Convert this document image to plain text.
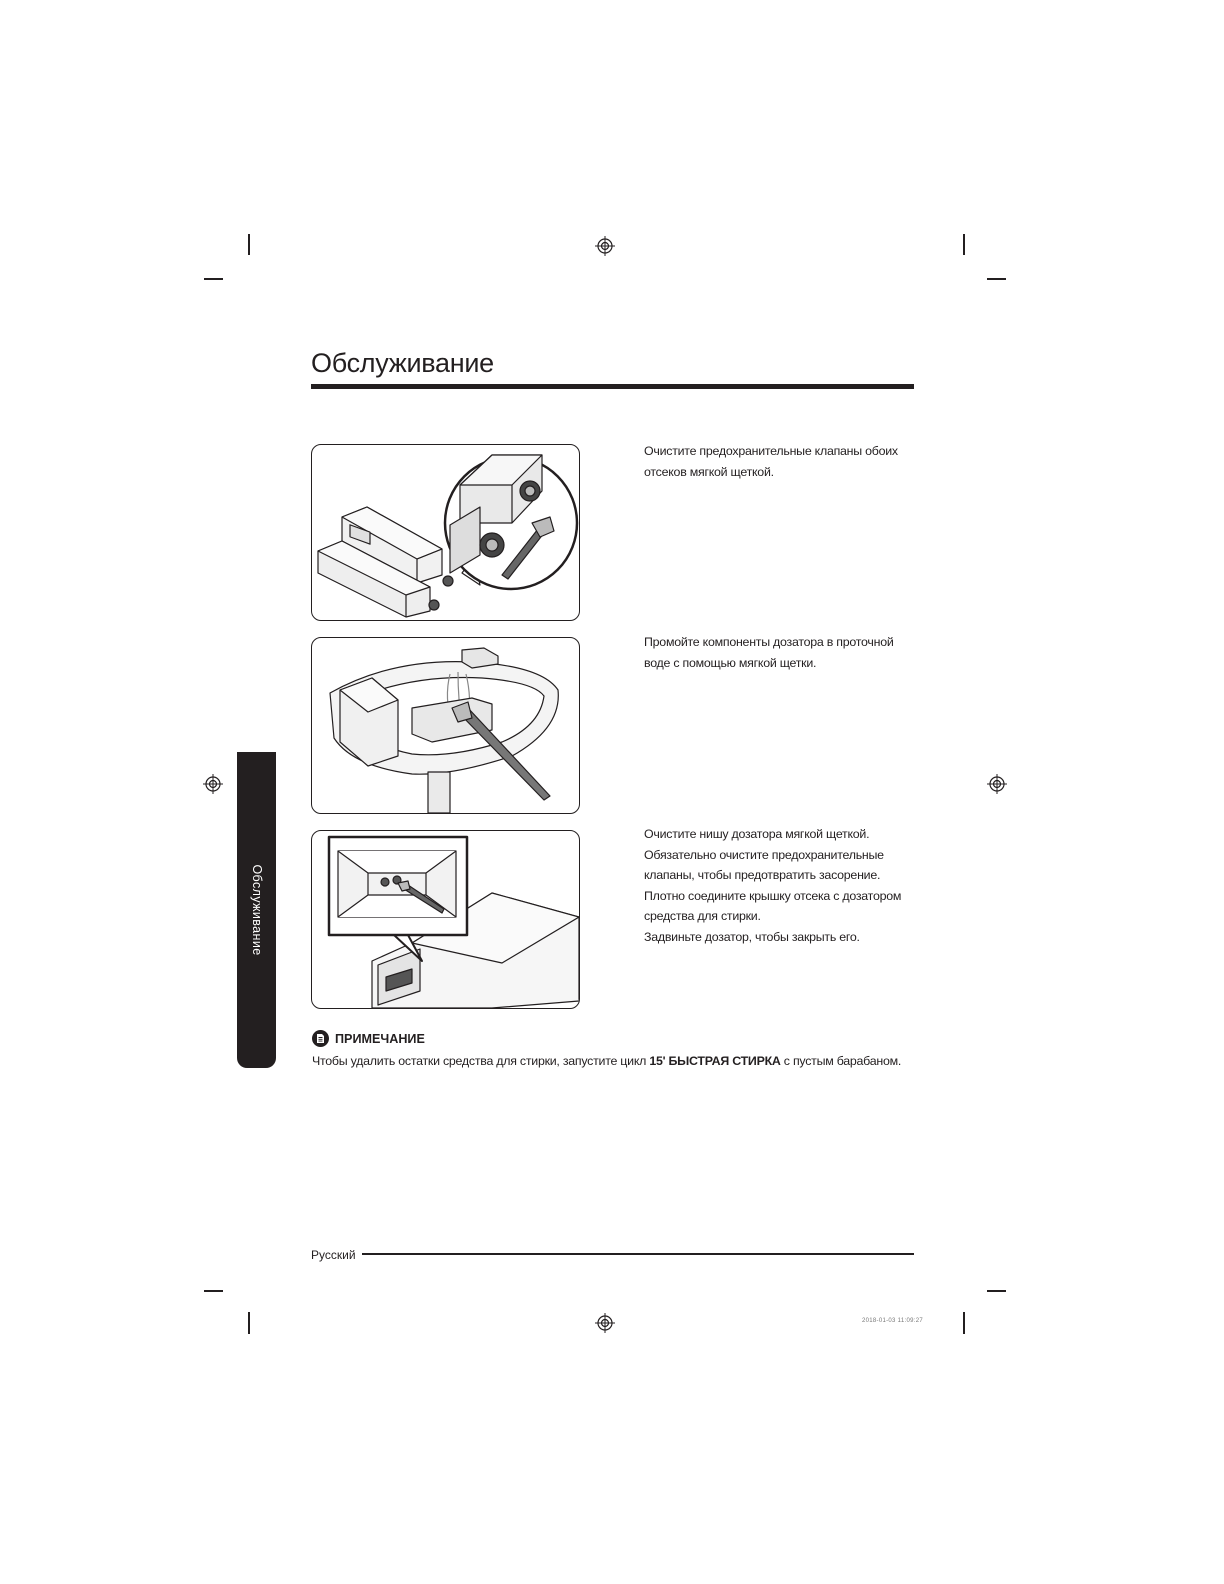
Обслуживание
Обслуживание

Очистите предохранительные клапаны обоих

отсеков мягкой щеткой.

Промойте компоненты дозатора в проточной

воде с помощью мягкой щетки.

Очистите нишу дозатора мягкой щеткой.

Обязательно очистите предохранительные

клапаны, чтобы предотвратить засорение.

Плотно соедините крышку отсека с дозатором

средства для стирки.

Задвиньте дозатор, чтобы закрыть его.

ПРИМЕЧАНИЕ
Чтобы удалить остатки средства для стирки, запустите цикл 15' БЫСТРАЯ СТИРКА с пустым барабаном.
Русский
2018-01-03 11:09:27
